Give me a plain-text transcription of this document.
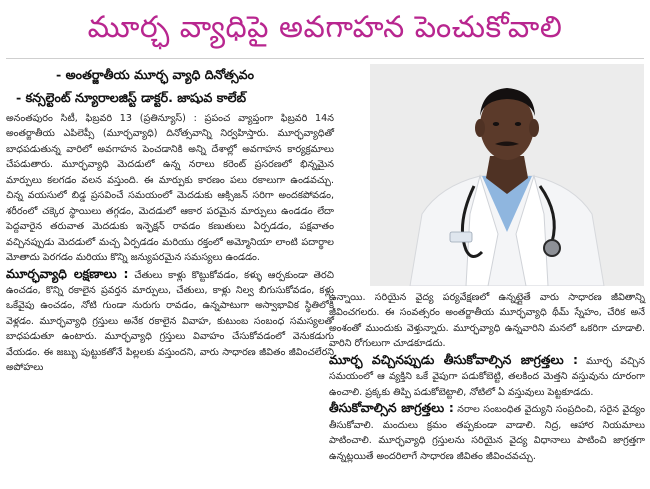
మూర్ఛ వ్యాధిపై అవగాహన పెంచుకోవాలి
- అంతర్జాతీయ మూర్ఛ వ్యాధి దినోత్సవం
- కన్సల్టెంట్ న్యూరాలజిస్ట్ డాక్టర్. జాషువ కాలేబ్

అనంతపురం సిటీ, ఫిబ్రవరి 13 (ప్రతిన్యూస్) : ప్రపంచ వ్యాప్తంగా ఫిబ్రవరి 14న అంతర్జాతీయ ఎపిలెప్సీ (మూర్ఛవ్యాధి) దినోత్సవాన్ని నిర్వహిస్తారు. మూర్ఛవ్యాధితో బాధపడుతున్న వారిలో అవగాహన పెంచడానికి అన్ని దేశాల్లో అవగాహన కార్యక్రమాలు చేపడుతారు. మూర్ఛవ్యాధి మెదడులో ఉన్న నరాలు కరెంట్ ప్రసరణలో భిన్నమైన మార్పులు కలగడం వలన వస్తుంది. ఈ మార్పుకు కారణం పలు రకాలుగా ఉండవచ్చు. చిన్న వయసులో బిడ్డ ప్రసవించే సమయంలో మెదడుకు ఆక్సిజన్ సరిగా అందకపోవడం, శరీరంలో చక్కెర స్థాయిలు తగ్గడం, మెదడులో ఆకార పరమైన మార్పులు ఉండడం లేదా పెద్దవారైన తరువాత మెదడుకు ఇన్ఫెక్షన్ రావడం కణుతులు ఏర్పడడం, పక్షవాతం వచ్చినప్పుడు మెదడులో మచ్చ ఏర్పడడం మరియు రక్తంలో అమ్మోనియా లాంటి పదార్థాల మోతాదు పెరగడం మరియు కొన్ని జన్యుపరమైన సమస్యలు ఉండడం.

మూర్ఛవ్యాధి లక్షణాలు : చేతులు కాళ్లు కొట్టుకోవడం, కళ్ళు ఆర్పకుండా తెరచి ఉంచడం, కొన్ని రకాలైన ప్రవర్తన మార్పులు, చేతులు, కాళ్లు నిల్వ బిగుసుకోవడం, కళ్లు ఒకేవైపు ఉంచడం, నోటి గుండా నురుగు రావడం, ఉన్నపాటుగా అస్వాభావిక స్థితిలోకి వెళ్లడం. మూర్ఛవ్యాధి గ్రస్తులు అనేక రకాలైన వివాహ, కుటుంబ సంబంధ సమస్యలతో బాధపడుతూ ఉంటారు. మూర్ఛవ్యాధి గ్రస్తులు వివాహం చేసుకోవడంలో వెనుకడుగు వేయడం. ఈ జబ్బు పుట్టుకతోనే పిల్లలకు వస్తుందని, వారు సాధారణ జీవితం జీవించలేరని అపోహలు

ఉన్నాయి. సరియైన వైద్య పర్యవేక్షణలో ఉన్నట్లైతే వారు సాధారణ జీవితాన్ని జీవించగలరు. ఈ సంవత్సరం అంతర్జాతీయ మూర్ఛవ్యాధి థీమ్ స్నేహం, చేరిక అనే అంశంతో ముందుకు వెళ్తున్నారు. మూర్ఛవ్యాధి ఉన్నవారిని మనలో ఒకరిగా చూడాలి. వారిని రోగులుగా చూడకూడదు.

మూర్ఛ వచ్చినప్పుడు తీసుకోవాల్సిన జాగ్రత్తలు : మూర్ఛ వచ్చిన సమయంలో ఆ వ్యక్తిని ఒకే వైపుగా పడుకోబెట్టి, తలకింద మెత్తని వస్తువును దూరంగా ఉంచాలి. ప్రక్కకు తిప్పి పడుకోబెట్టాలి, నోటిలో ఏ వస్తువులు పెట్టకూడదు.

తీసుకోవాల్సిన జాగ్రత్తలు : నరాల సంబంధిత వైద్యుని సంప్రదించి, సరైన వైద్యం తీసుకోవాలి. మందులు క్రమం తప్పకుండా వాడాలి. నిద్ర, ఆహార నియమాలు పాటించాలి. మూర్ఛవ్యాధి గ్రస్తులను సరియైన వైద్య విధానాలు పాటించి జాగ్రత్తగా ఉన్నట్లయితే అందరిలాగే సాధారణ జీవితం జీవించవచ్చు.
